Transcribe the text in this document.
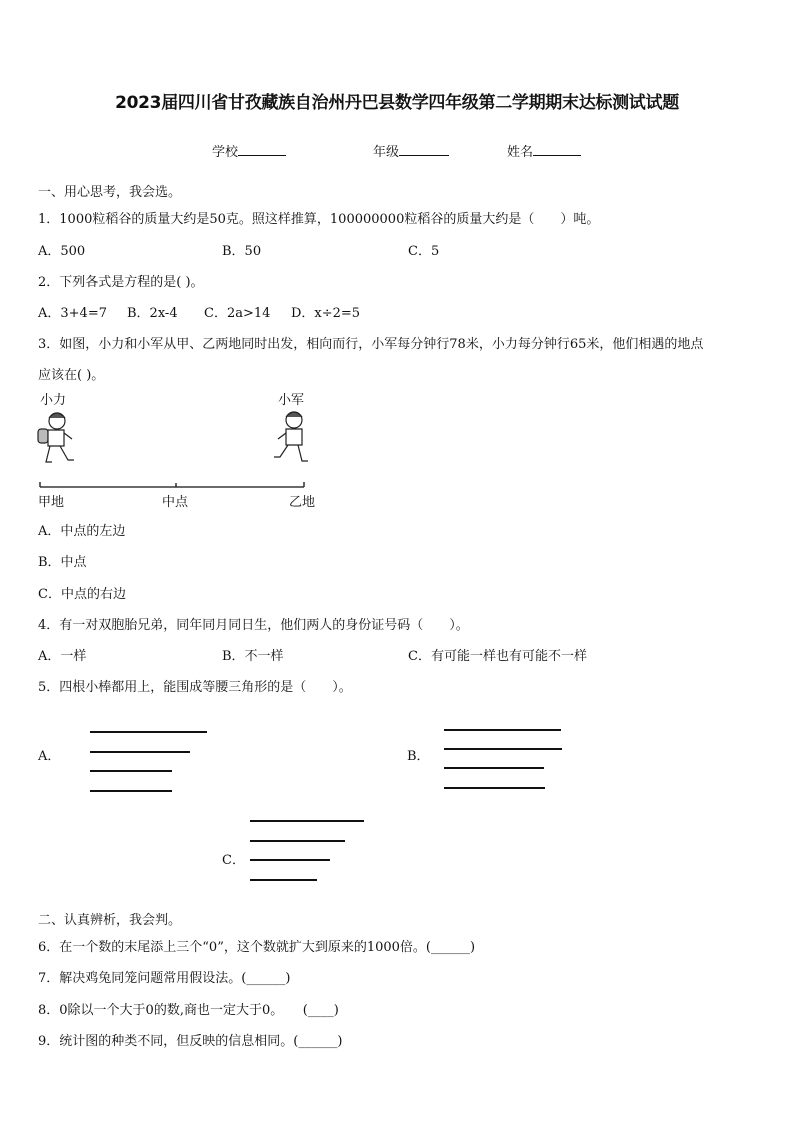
2023届四川省甘孜藏族自治州丹巴县数学四年级第二学期期末达标测试试题
学校	年级	姓名
一、用心思考，我会选。
1．1000粒稻谷的质量大约是50克。照这样推算，100000000粒稻谷的质量大约是（　　）吨。
A．500	B．50	C．5
2．下列各式是方程的是( )。
A．3+4=7 B．2x-4 C．2a>14 D．x÷2=5
3．如图，小力和小军从甲、乙两地同时出发，相向而行，小军每分钟行78米，小力每分钟行65米，他们相遇的地点
应该在( )。
小力	小军
甲地	中点	乙地
A．中点的左边
B．中点
C．中点的右边
4．有一对双胞胎兄弟，同年同月同日生，他们两人的身份证号码（　　）。
A．一样	B．不一样	C．有可能一样也有可能不一样
5．四根小棒都用上，能围成等腰三角形的是（　　）。
A．	B．
C．
二、认真辨析，我会判。
6．在一个数的末尾添上三个“0”，这个数就扩大到原来的1000倍。(______)
7．解决鸡兔同笼问题常用假设法。(______)
8．0除以一个大于0的数,商也一定大于0。　　(____)
9．统计图的种类不同，但反映的信息相同。(______)
